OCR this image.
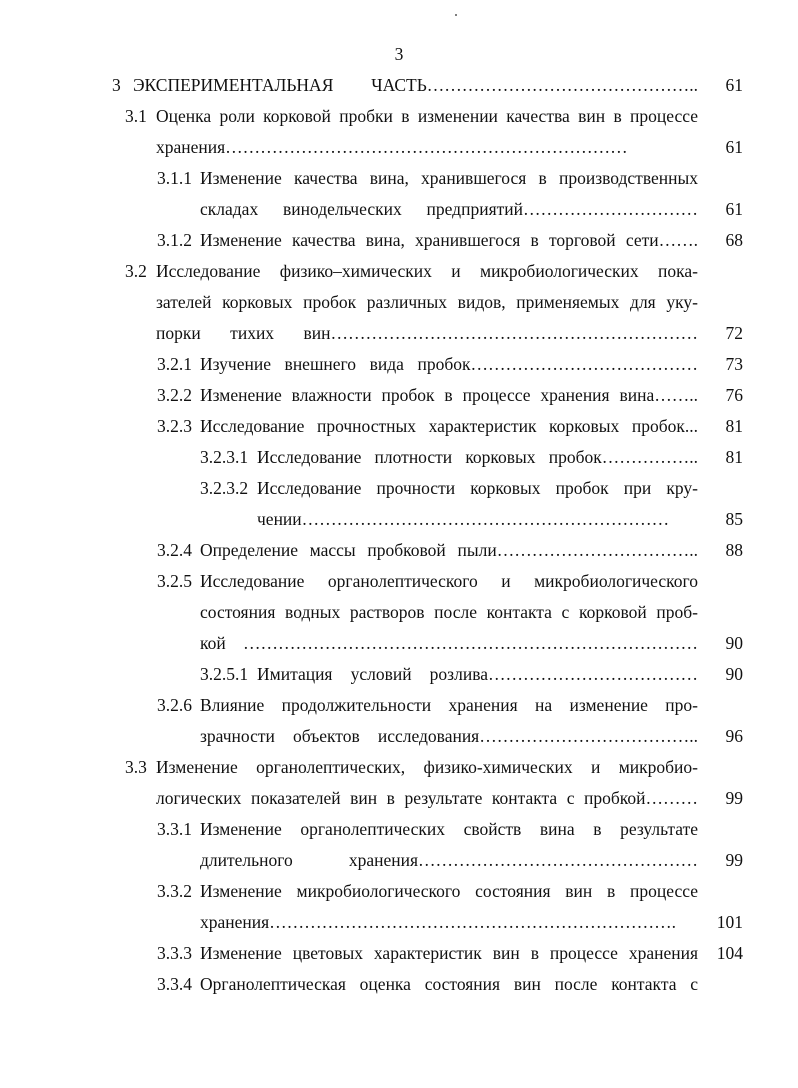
3
3 ЭКСПЕРИМЕНТАЛЬНАЯ ЧАСТЬ………………………………………..	61
3.1 Оценка роли корковой пробки в изменении качества вин в процессе
хранения……………………………………………………………	61
3.1.1 Изменение качества вина, хранившегося в производственных
складах винодельческих предприятий…………………………	61
3.1.2 Изменение качества вина, хранившегося в торговой сети…….	68
3.2 Исследование физико–химических и микробиологических пока-
зателей корковых пробок различных видов, применяемых для уку-
порки тихих вин………………………………………………………	72
3.2.1 Изучение внешнего вида пробок…………………………………	73
3.2.2 Изменение влажности пробок в процессе хранения вина……..	76
3.2.3 Исследование прочностных характеристик корковых пробок...	81
3.2.3.1 Исследование плотности корковых пробок……………..	81
3.2.3.2 Исследование прочности корковых пробок при кру-
чении………………………………………………………	85
3.2.4 Определение массы пробковой пыли……………………………..	88
3.2.5 Исследование органолептического и микробиологического
состояния водных растворов после контакта с корковой проб-
кой ……………………………………………………………………	90
3.2.5.1 Имитация условий розлива………………………………	90
3.2.6 Влияние продолжительности хранения на изменение про-
зрачности объектов исследования………………………………..	96
3.3 Изменение органолептических, физико-химических и микробио-
логических показателей вин в результате контакта с пробкой………	99
3.3.1 Изменение органолептических свойств вина в результате
длительного хранения…………………………………………	99
3.3.2 Изменение микробиологического состояния вин в процессе
хранения…………………………………………………………….	101
3.3.3 Изменение цветовых характеристик вин в процессе хранения	104
3.3.4 Органолептическая оценка состояния вин после контакта с
